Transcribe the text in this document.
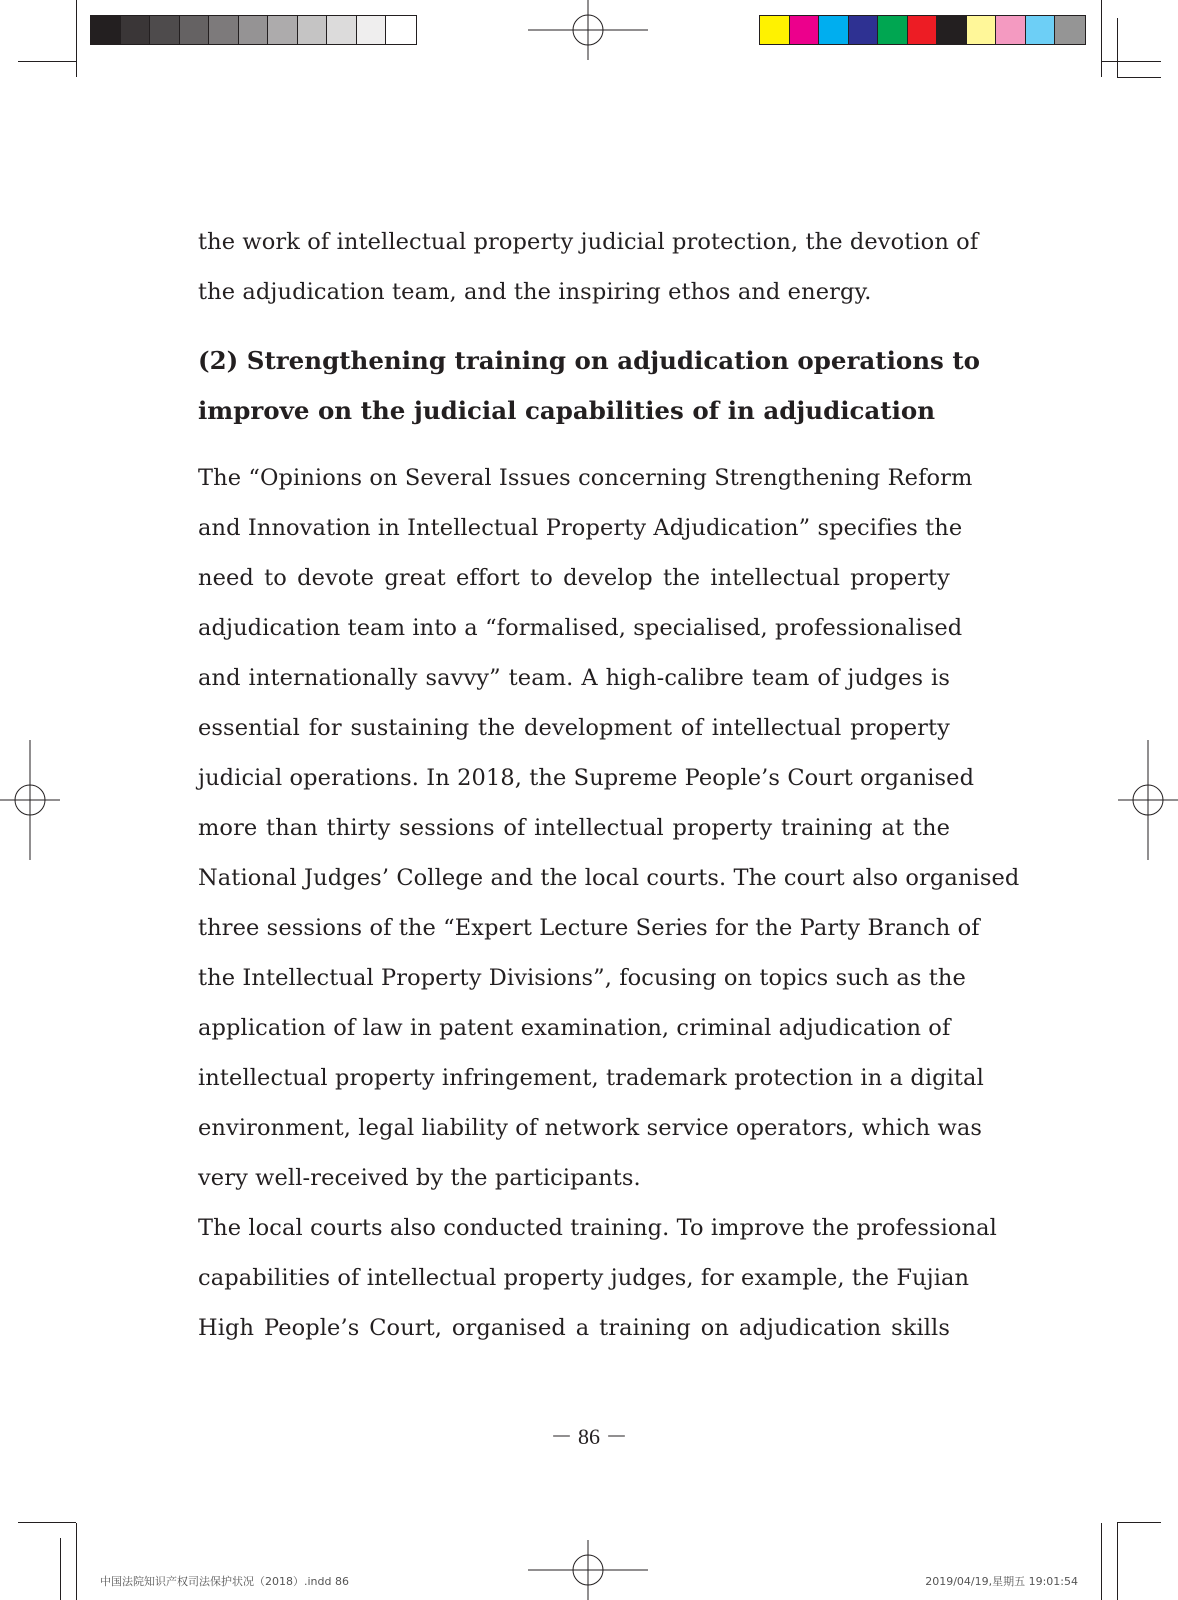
the work of intellectual property judicial protection, the devotion of
the adjudication team, and the inspiring ethos and energy.
(2) Strengthening training on adjudication operations to
improve on the judicial capabilities of in adjudication
The “Opinions on Several Issues concerning Strengthening Reform
and Innovation in Intellectual Property Adjudication” specifies the
need to devote great effort to develop the intellectual property
adjudication team into a “formalised, specialised, professionalised
and internationally savvy” team. A high-calibre team of judges is
essential for sustaining the development of intellectual property
judicial operations. In 2018, the Supreme People’s Court organised
more than thirty sessions of intellectual property training at the
National Judges’ College and the local courts. The court also organised
three sessions of the “Expert Lecture Series for the Party Branch of
the Intellectual Property Divisions”, focusing on topics such as the
application of law in patent examination, criminal adjudication of
intellectual property infringement, trademark protection in a digital
environment, legal liability of network service operators, which was
very well-received by the participants.
The local courts also conducted training. To improve the professional
capabilities of intellectual property judges, for example, the Fujian
High People’s Court, organised a training on adjudication skills
－ 86 －
中国法院知识产权司法保护状况（2018）.indd 86	2019/04/19,星期五 19:01:54
